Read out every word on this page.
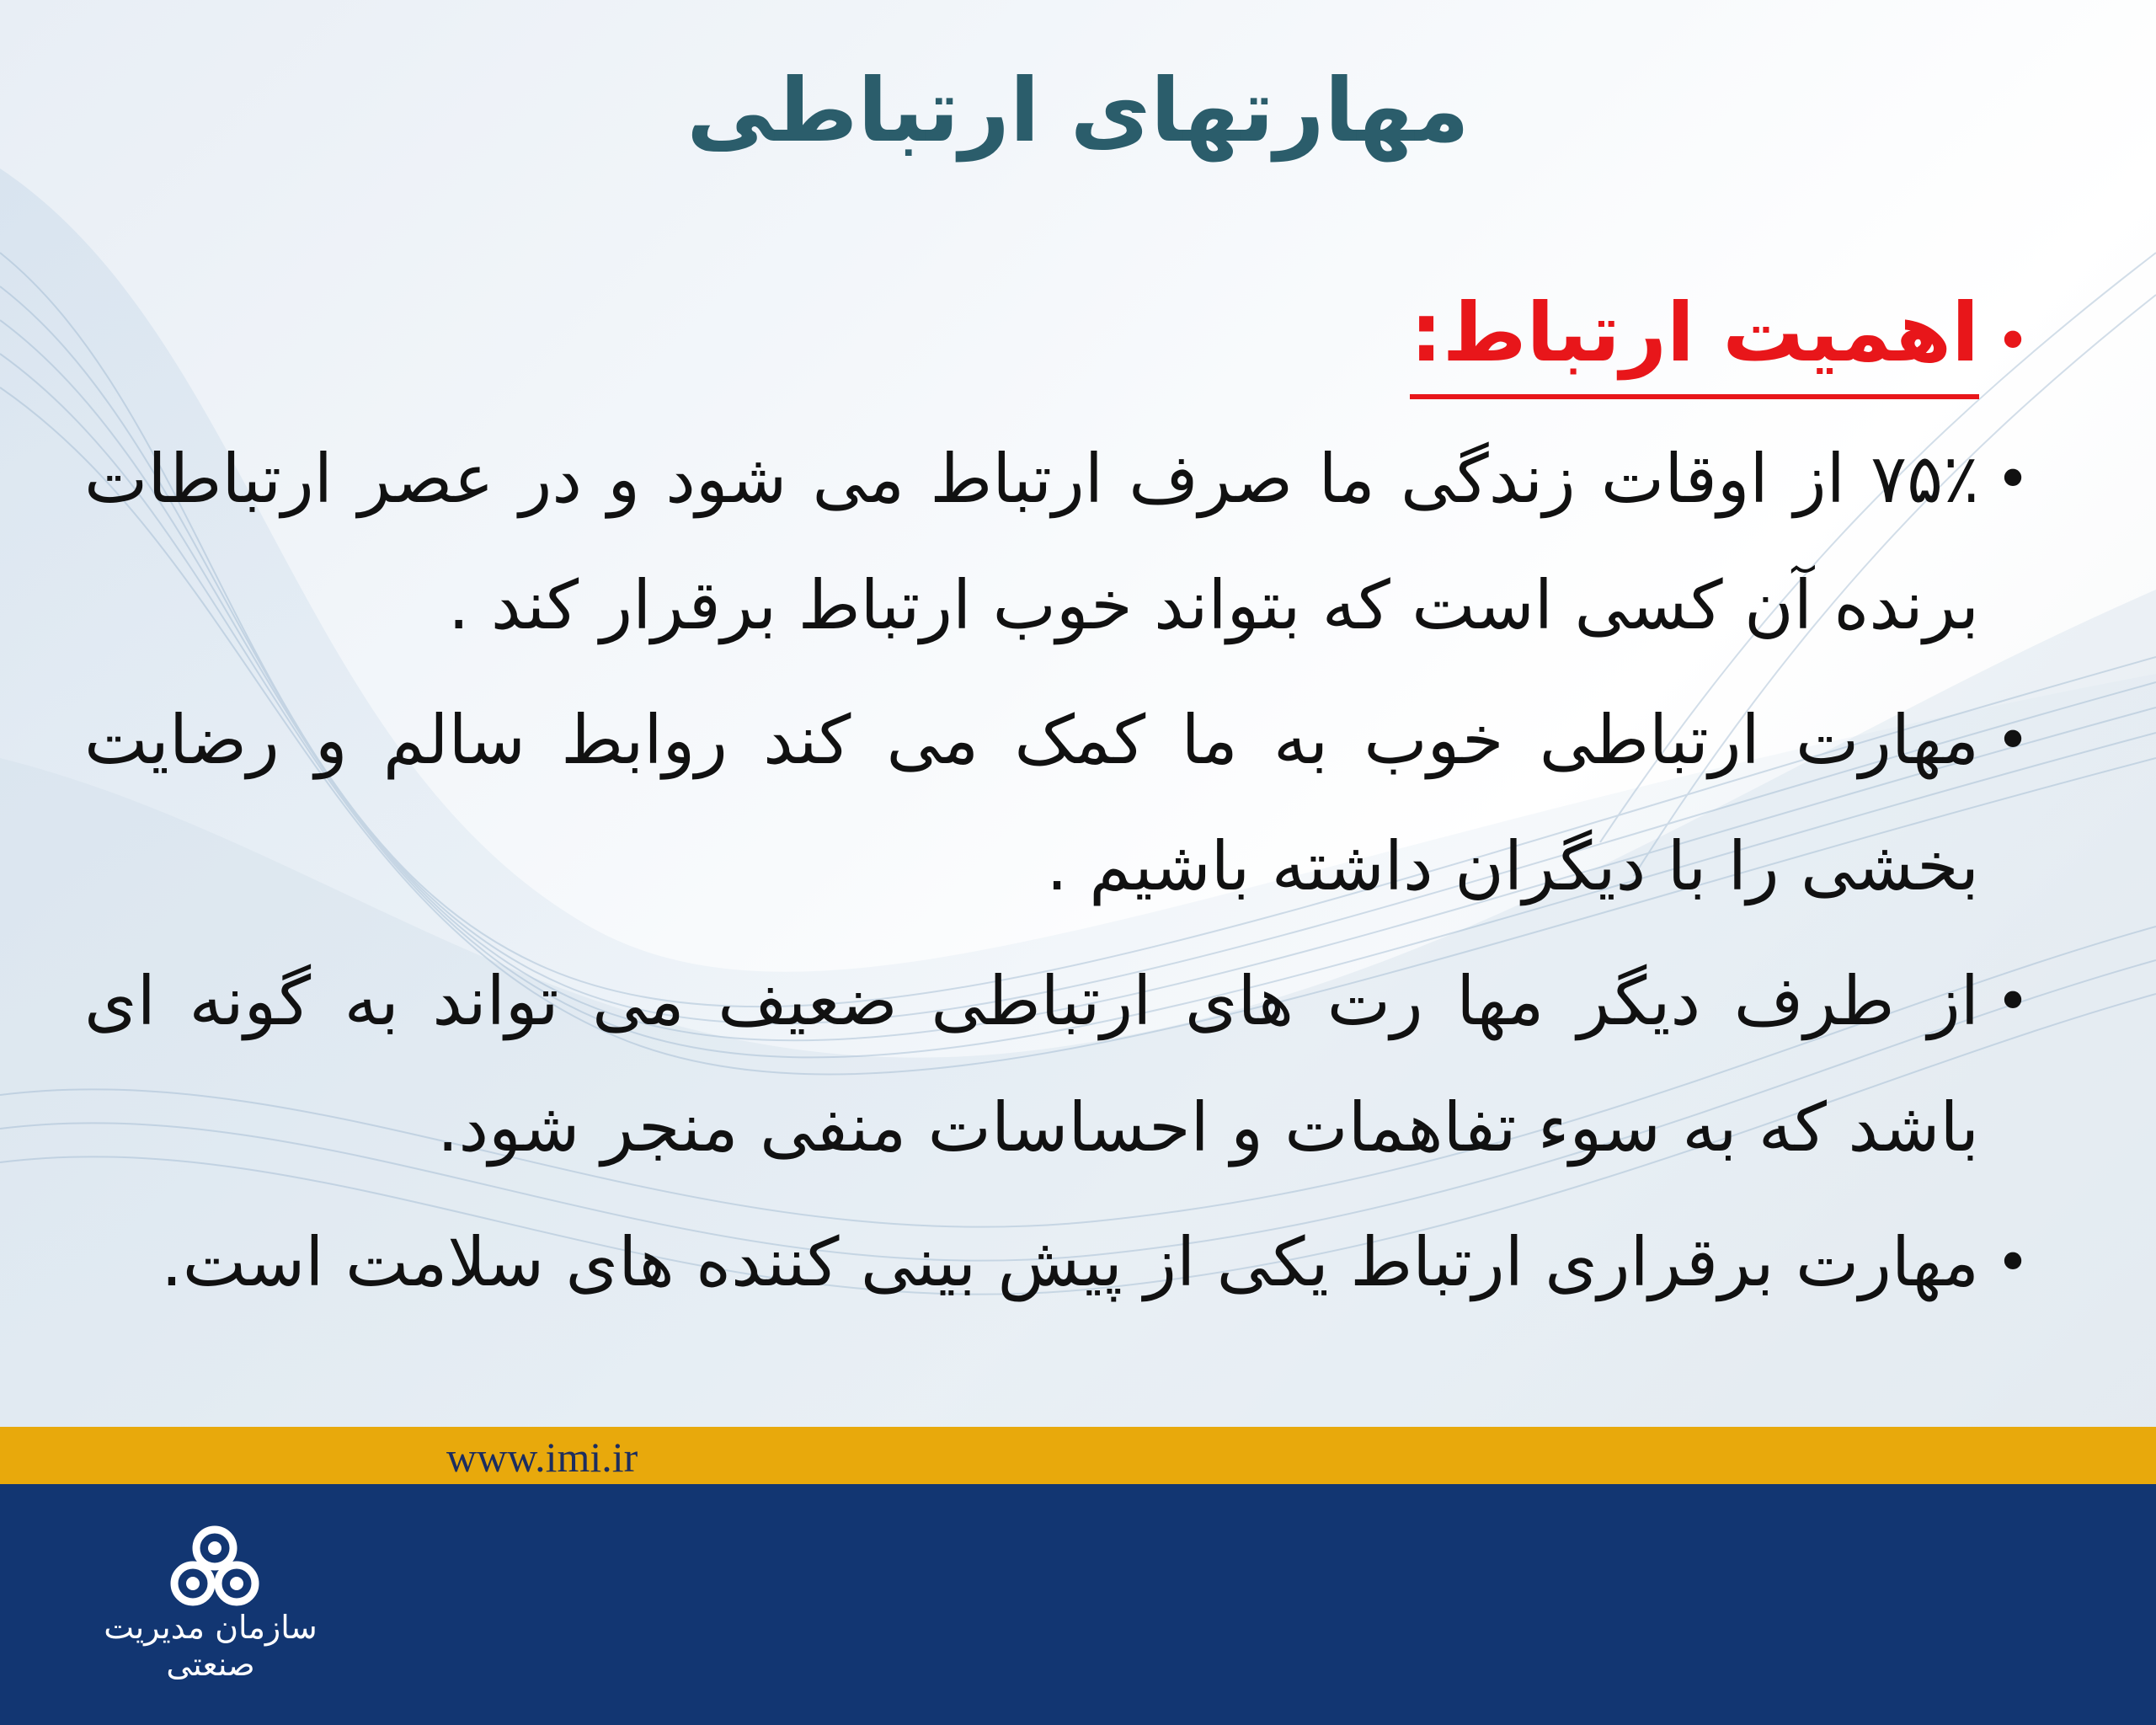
مهارتهای ارتباطی
•
اهمیت ارتباط:
•
۷۵٪ از اوقات زندگی ما صرف ارتباط می شود و در عصر ارتباطات برنده آن کسی است که بتواند خوب ارتباط برقرار کند .
•
مهارت ارتباطی خوب به ما کمک می کند روابط سالم و رضایت بخشی را با دیگران داشته باشیم .
•
از طرف دیگر مها رت های ارتباطی ضعیف می تواند به گونه ای باشد که به سوء تفاهمات و احساسات منفی منجر شود.
•
مهارت برقراری ارتباط یکی از پیش بینی کننده های سلامت است.
www.imi.ir
سازمان مدیریت صنعتی
